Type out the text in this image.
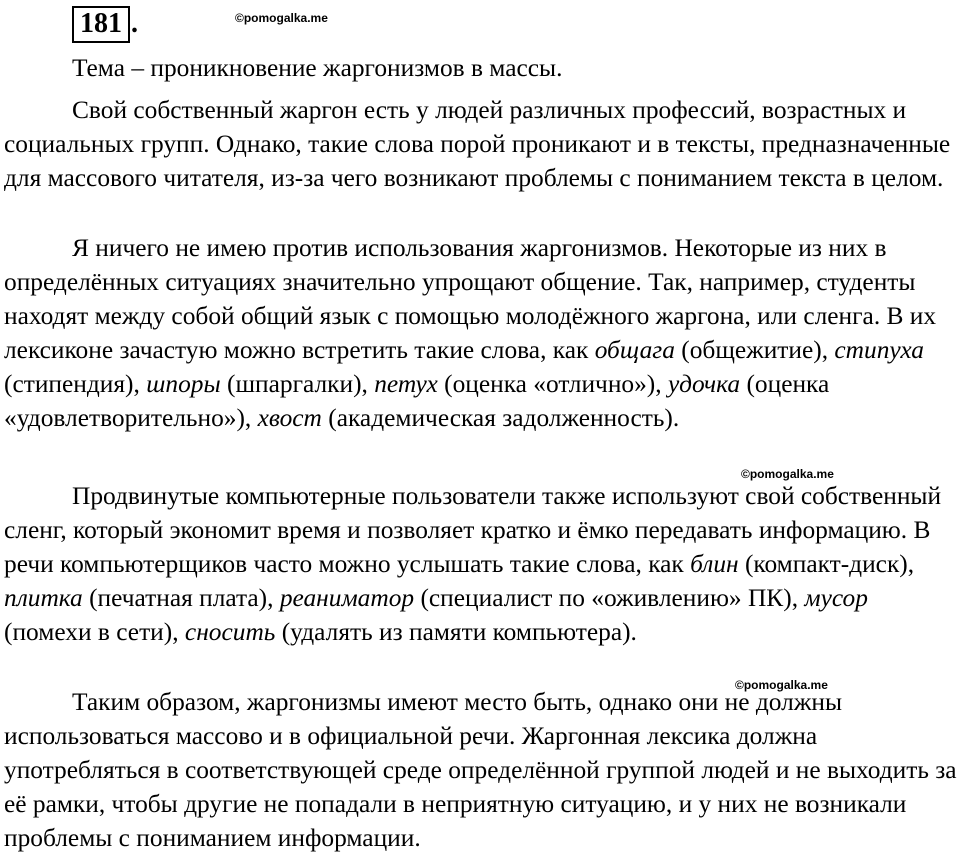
181 .	©pomogalka.me
©pomogalka.me
©pomogalka.me

Тема – проникновение жаргонизмов в массы.

Свой собственный жаргон есть у людей различных профессий, возрастных и социальных групп. Однако, такие слова порой проникают и в тексты, предназначенные для массового читателя, из-за чего возникают проблемы с пониманием текста в целом.

Я ничего не имею против использования жаргонизмов. Некоторые из них в определённых ситуациях значительно упрощают общение. Так, например, студенты находят между собой общий язык с помощью молодёжного жаргона, или сленга. В их лексиконе зачастую можно встретить такие слова, как общага (общежитие), стипуха (стипендия), шпоры (шпаргалки), петух (оценка «отлично»), удочка (оценка «удовлетворительно»), хвост (академическая задолженность).

Продвинутые компьютерные пользователи также используют свой собственный сленг, который экономит время и позволяет кратко и ёмко передавать информацию. В речи компьютерщиков часто можно услышать такие слова, как блин (компакт-диск), плитка (печатная плата), реаниматор (специалист по «оживлению» ПК), мусор (помехи в сети), сносить (удалять из памяти компьютера).

Таким образом, жаргонизмы имеют место быть, однако они не должны использоваться массово и в официальной речи. Жаргонная лексика должна употребляться в соответствующей среде определённой группой людей и не выходить за её рамки, чтобы другие не попадали в неприятную ситуацию, и у них не возникали проблемы с пониманием информации.
